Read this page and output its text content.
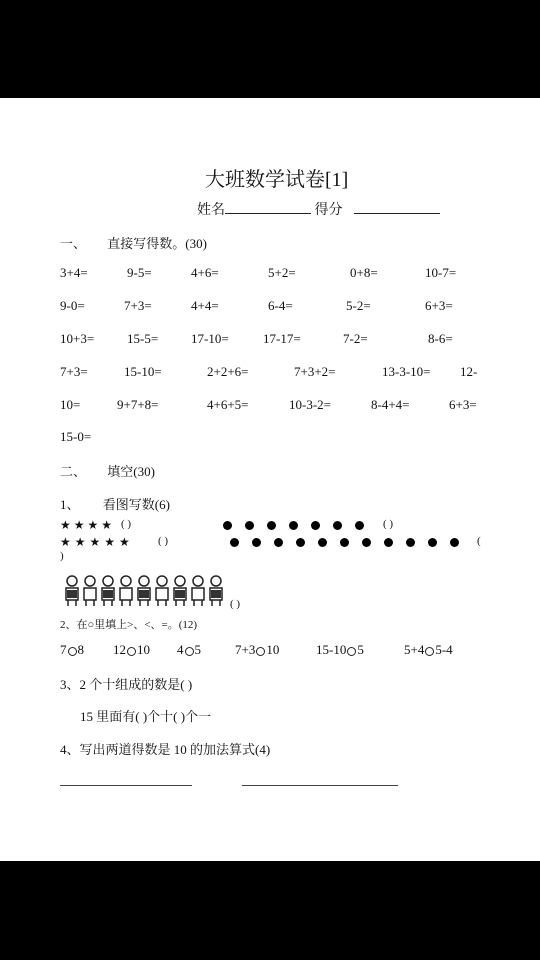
大班数学试卷[1]
姓名	得分
一、 直接写得数。(30)
3+4=	9-5=	4+6=	5+2=	0+8=	10-7=
9-0=	7+3=	4+4=	6-4=	5-2=	6+3=
10+3=	15-5=	17-10=	17-17=	7-2=	8-6=
7+3=	15-10=	2+2+6=	7+3+2=	13-3-10= 12-
10=	9+7+8=	4+6+5=	10-3-2=	8-4+4=	6+3=
15-0=
二、 填空(30)
1、 看图写数(6)
★★★★ ( )	( )
★★★★★ ( )	(
)
( )
2、在○里填上>、<、=。(12)
7 8 12 10 4 5	7+3 10	15-10 5	5+4 5-4
3、2 个十组成的数是( )
15 里面有( )个十( )个一
4、写出两道得数是 10 的加法算式(4)
